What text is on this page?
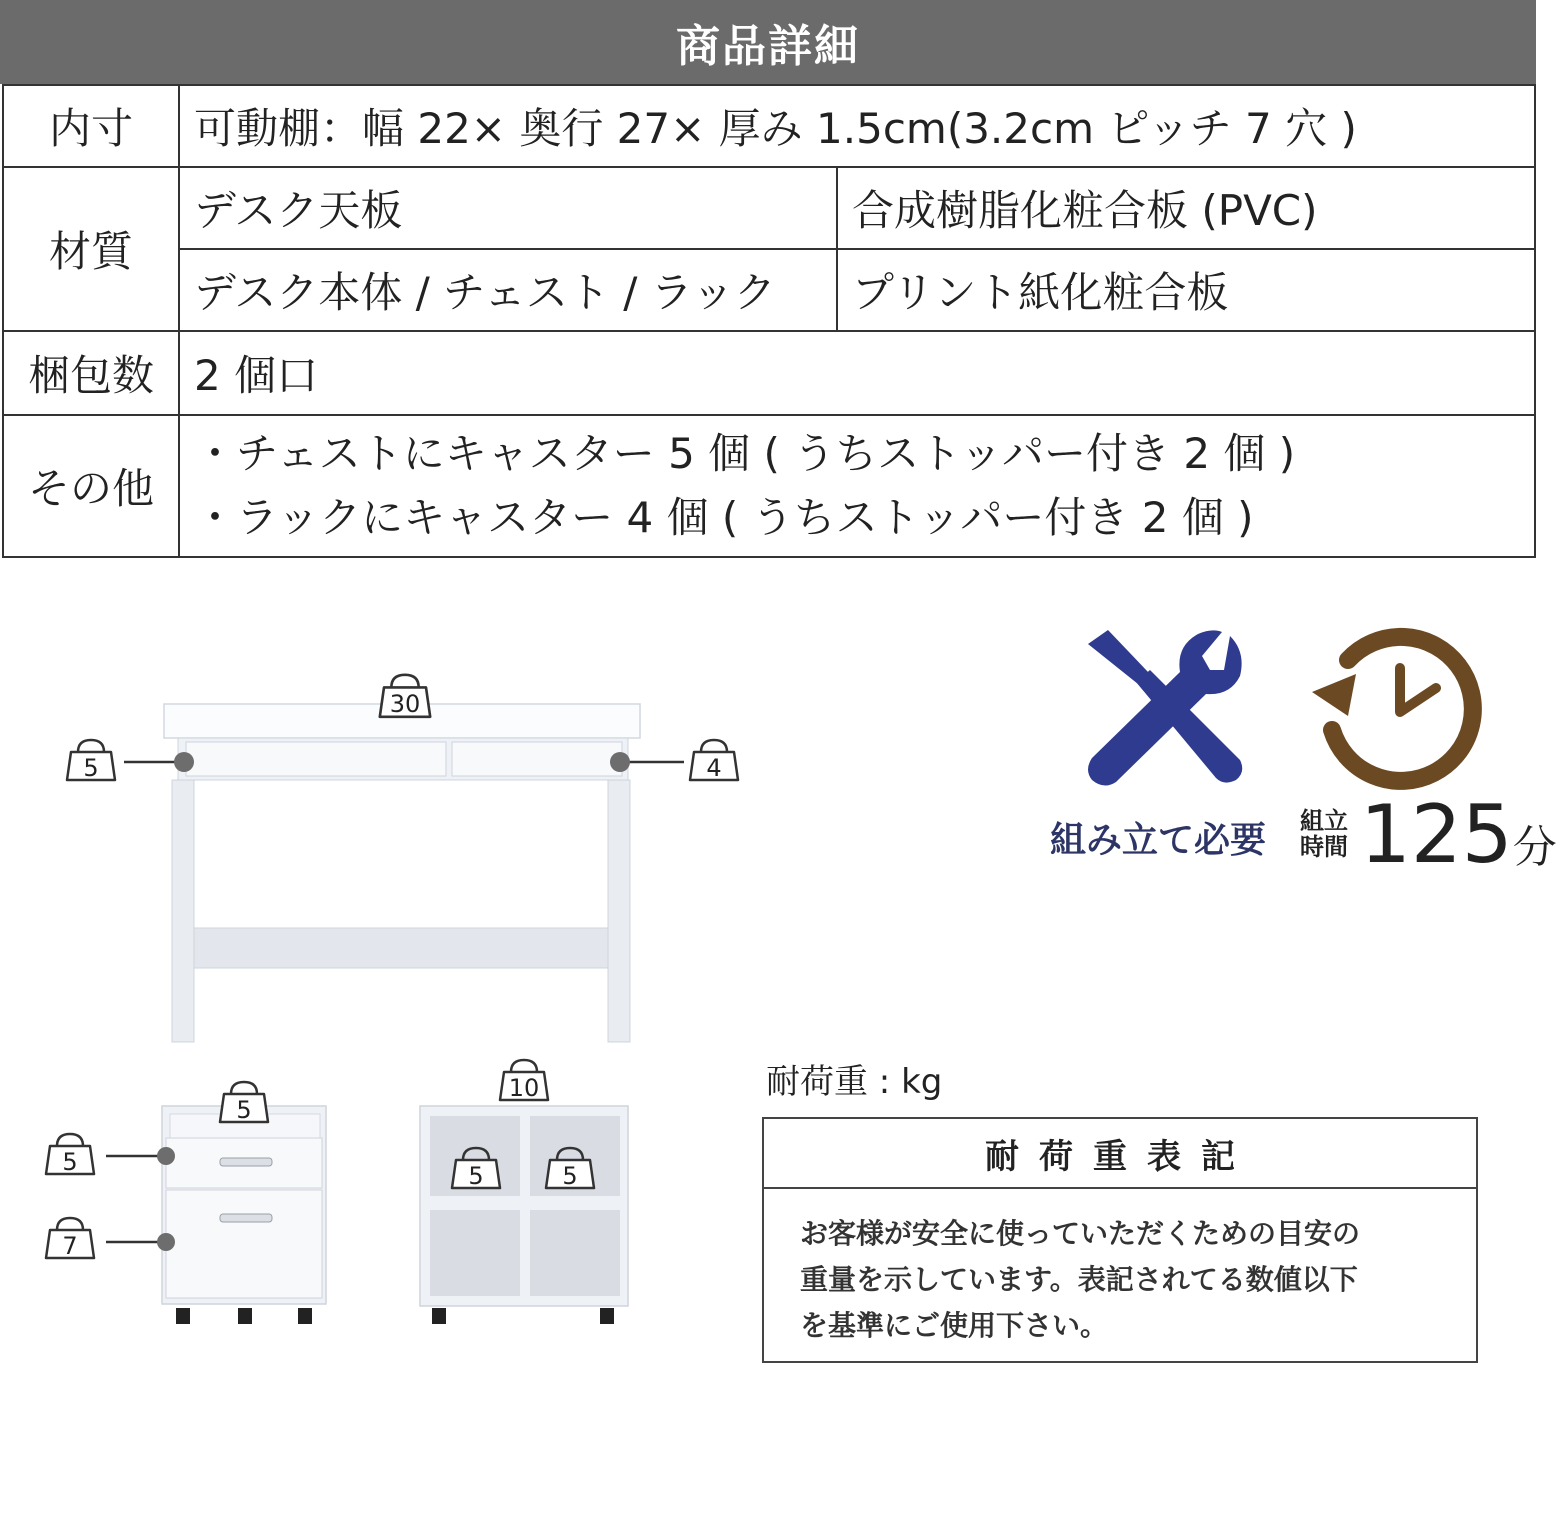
商品詳細
内寸	可動棚：幅 22× 奥行 27× 厚み 1.5cm(3.2cm ピッチ 7 穴 )	
材質	デスク天板	合成樹脂化粧合板 (PVC)
	デスク本体 / チェスト / ラック	プリント紙化粧合板
梱包数	2 個口	
その他	・チェストにキャスター 5 個 ( うちストッパー付き 2 個 )
・ラックにキャスター 4 個 ( うちストッパー付き 2 個 )	
30
5	4
5
5
7
10
5	5
組み立て必要 組立時間 125分
耐荷重 : kg
耐荷重表記
お客様が安全に使っていただくための目安の
重量を示しています。表記されてる数値以下
を基準にご使用下さい。
